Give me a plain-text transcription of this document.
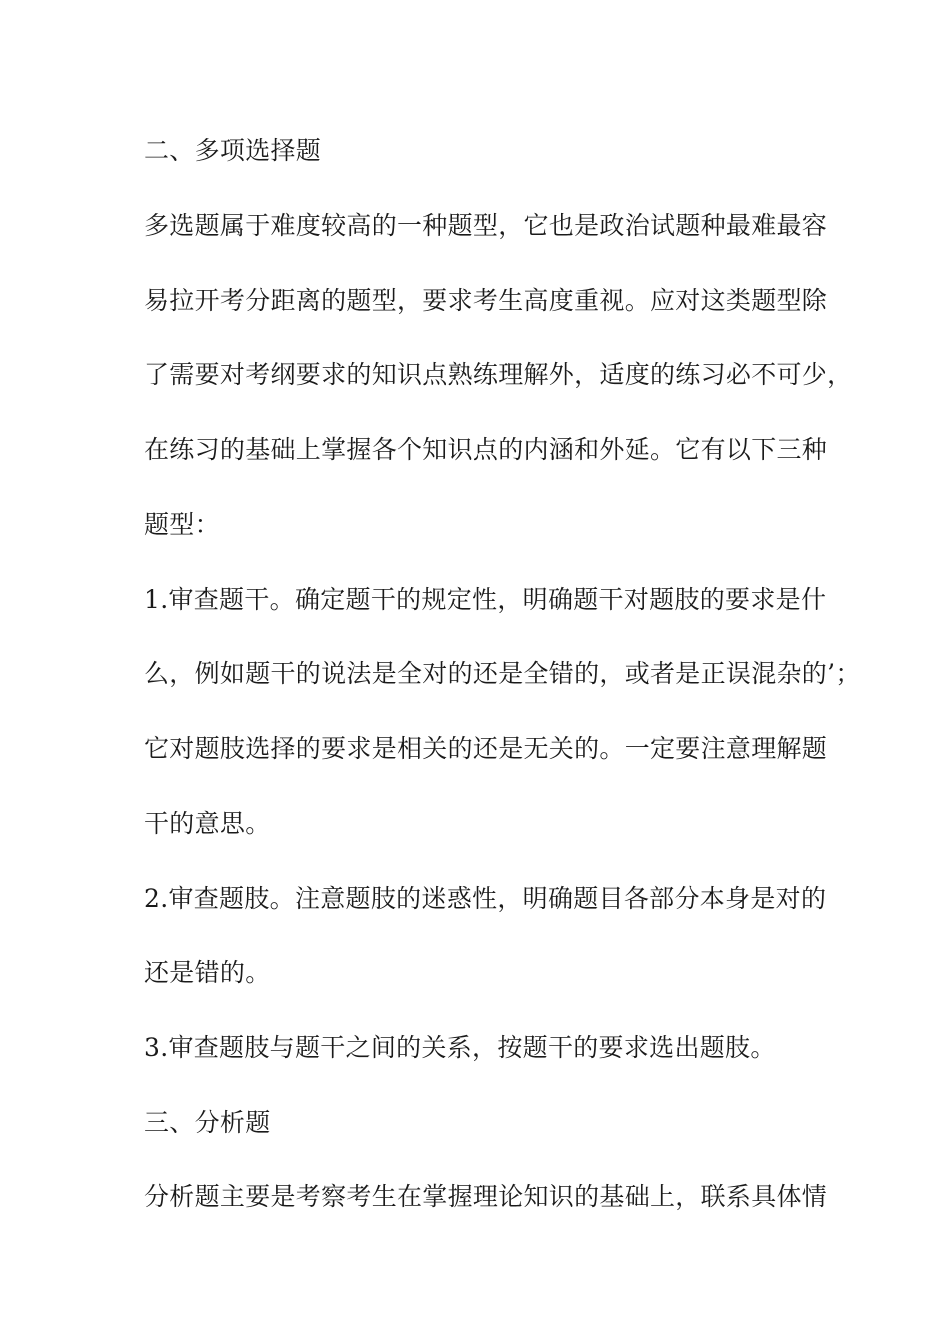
二、多项选择题
多选题属于难度较高的一种题型，它也是政治试题种最难最容
易拉开考分距离的题型，要求考生高度重视。应对这类题型除
了需要对考纲要求的知识点熟练理解外，适度的练习必不可少，
在练习的基础上掌握各个知识点的内涵和外延。它有以下三种
题型：
1.审查题干。确定题干的规定性，明确题干对题肢的要求是什
么，例如题干的说法是全对的还是全错的，或者是正误混杂的’；
它对题肢选择的要求是相关的还是无关的。一定要注意理解题
干的意思。
2.审查题肢。注意题肢的迷惑性，明确题目各部分本身是对的
还是错的。
3.审查题肢与题干之间的关系，按题干的要求选出题肢。
三、分析题
分析题主要是考察考生在掌握理论知识的基础上，联系具体情
